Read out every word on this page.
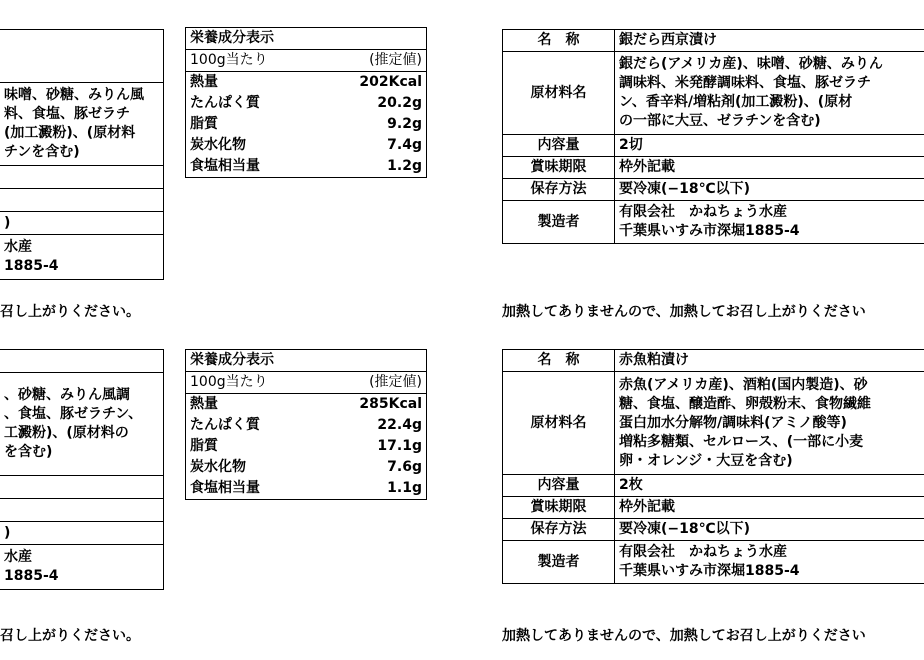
味噌、砂糖、みりん風
料、食塩、豚ゼラチ
(加工澱粉)、(原材料
チンを含む)

)

水産
1885-4
召し上がりください。

、砂糖、みりん風調
、食塩、豚ゼラチン、
工澱粉)、(原材料の
を含む)

)

水産
1885-4
召し上がりください。
栄養成分表示	
100g当たり	(推定値)
熱量	202Kcal
たんぱく質	20.2g
脂質	9.2g
炭水化物	7.4g
食塩相当量	1.2g
栄養成分表示	
100g当たり	(推定値)
熱量	285Kcal
たんぱく質	22.4g
脂質	17.1g
炭水化物	7.6g
食塩相当量	1.1g
名　称	銀だら西京漬け
原材料名	銀だら(アメリカ産)、味噌、砂糖、みりん
調味料、米発酵調味料、食塩、豚ゼラチ
ン、香辛料/増粘剤(加工澱粉)、(原材
の一部に大豆、ゼラチンを含む)

内容量	2切
賞味期限	枠外記載
保存方法	要冷凍(−18℃以下)
製造者	有限会社　かねちょう水産
千葉県いすみ市深堀1885-4
加熱してありませんので、加熱してお召し上がりください
名　称	赤魚粕漬け
原材料名	赤魚(アメリカ産)、酒粕(国内製造)、砂
糖、食塩、醸造酢、卵殻粉末、食物繊維
蛋白加水分解物/調味料(アミノ酸等)
増粘多糖類、セルロース、(一部に小麦
卵・オレンジ・大豆を含む)

内容量	2枚
賞味期限	枠外記載
保存方法	要冷凍(−18℃以下)
製造者	有限会社　かねちょう水産
千葉県いすみ市深堀1885-4
加熱してありませんので、加熱してお召し上がりください
